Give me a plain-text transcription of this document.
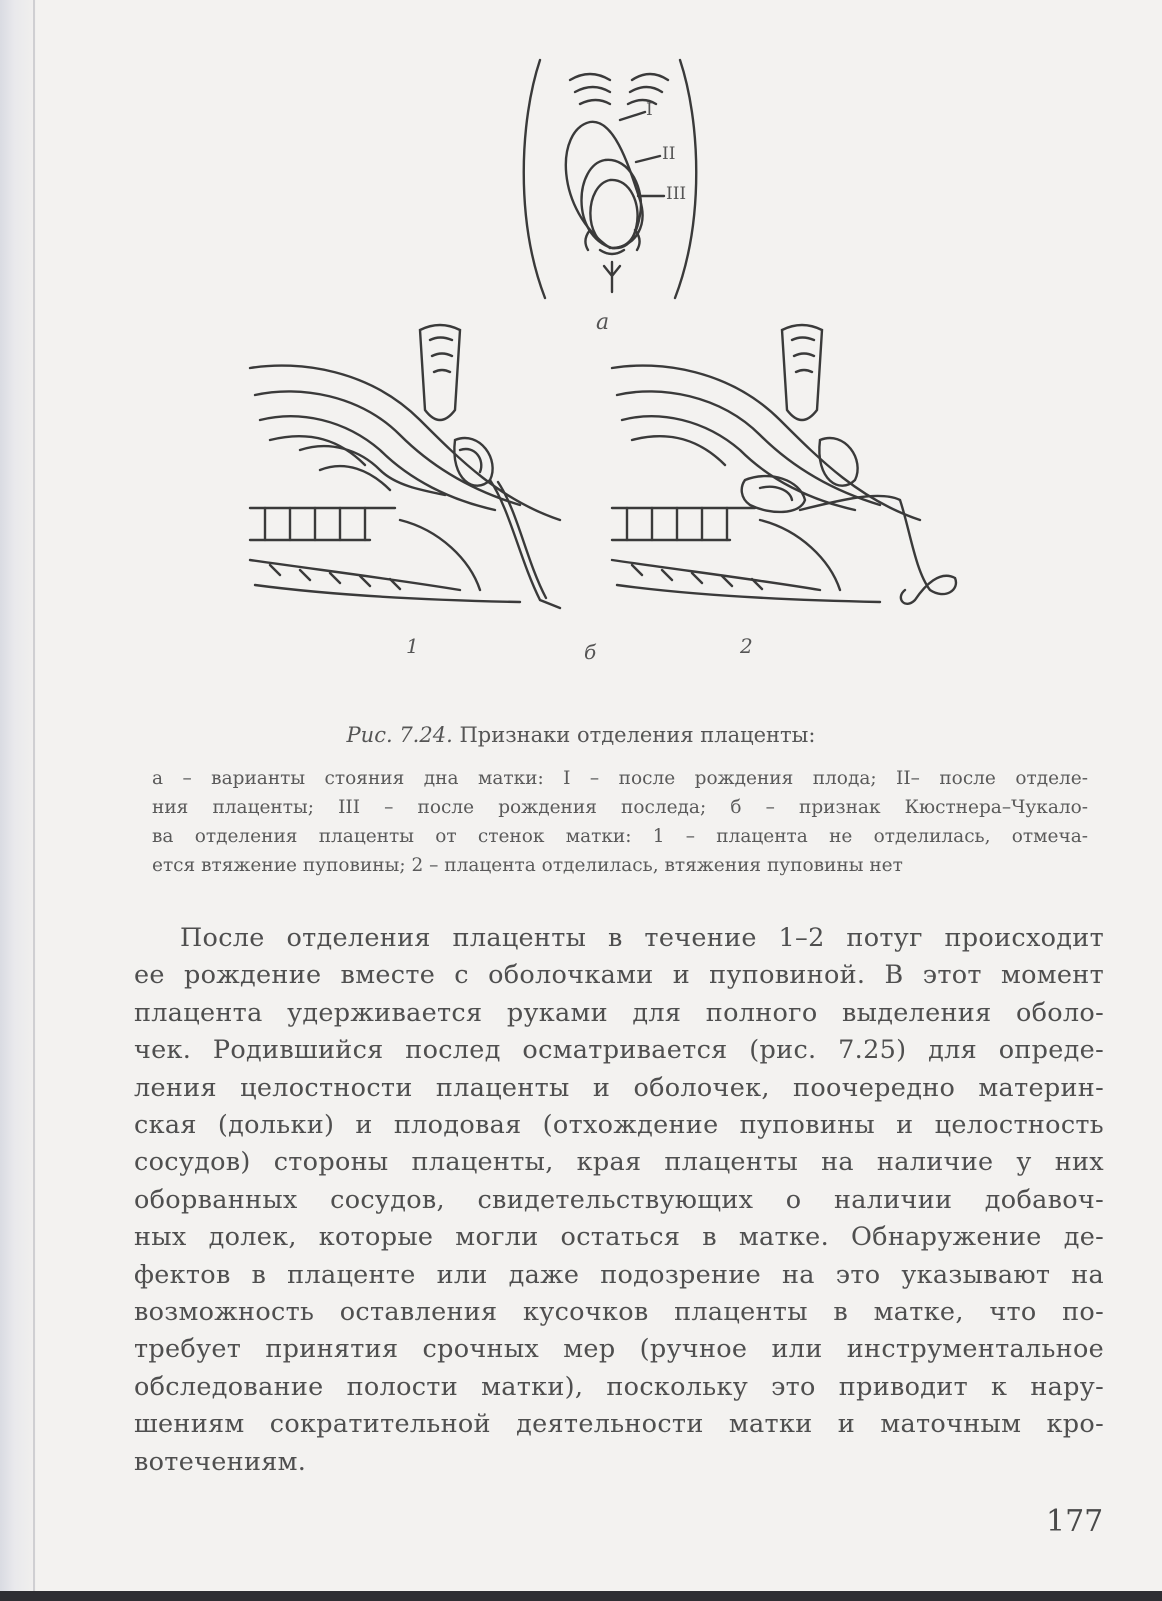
а
1	б	2
I
II
III
Рис. 7.24. Признаки отделения плаценты:
а – варианты стояния дна матки: I – после рождения плода; II– после отделе-
ния плаценты; III – после рождения последа; б – признак Кюстнера–Чукало-
ва отделения плаценты от стенок матки: 1 – плацента не отделилась, отмеча-
ется втяжение пуповины; 2 – плацента отделилась, втяжения пуповины нет
После отделения плаценты в течение 1–2 потуг происходит
ее рождение вместе с оболочками и пуповиной. В этот момент
плацента удерживается руками для полного выделения оболо-
чек. Родившийся послед осматривается (рис. 7.25) для опреде-
ления целостности плаценты и оболочек, поочередно материн-
ская (дольки) и плодовая (отхождение пуповины и целостность
сосудов) стороны плаценты, края плаценты на наличие у них
оборванных сосудов, свидетельствующих о наличии добавоч-
ных долек, которые могли остаться в матке. Обнаружение де-
фектов в плаценте или даже подозрение на это указывают на
возможность оставления кусочков плаценты в матке, что по-
требует принятия срочных мер (ручное или инструментальное
обследование полости матки), поскольку это приводит к нару-
шениям сократительной деятельности матки и маточным кро-
вотечениям.
177
